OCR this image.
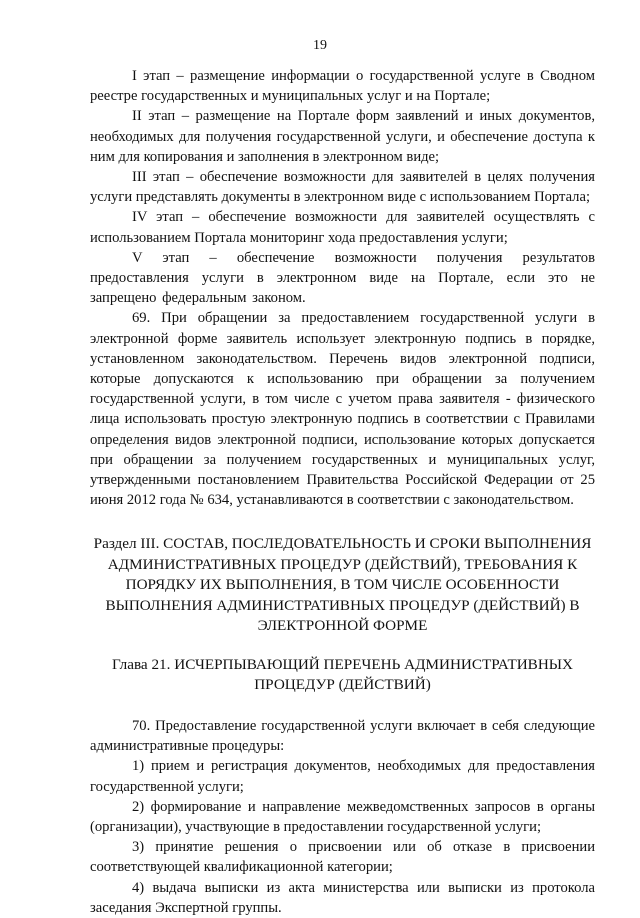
19

I этап – размещение информации о государственной услуге в Сводном реестре государственных и муниципальных услуг и на Портале;

II этап – размещение на Портале форм заявлений и иных документов, необходимых для получения государственной услуги, и обеспечение доступа к ним для копирования и заполнения в электронном виде;

III этап – обеспечение возможности для заявителей в целях получения услуги представлять документы в электронном виде с использованием Портала;

IV этап – обеспечение возможности для заявителей осуществлять с использованием Портала мониторинг хода предоставления услуги;

V этап – обеспечение возможности получения результатов предоставления услуги в электронном виде на Портале, если это не запрещено федеральным законом.

69. При обращении за предоставлением государственной услуги в электронной форме заявитель использует электронную подпись в порядке, установленном законодательством. Перечень видов электронной подписи, которые допускаются к использованию при обращении за получением государственной услуги, в том числе с учетом права заявителя - физического лица использовать простую электронную подпись в соответствии с Правилами определения видов электронной подписи, использование которых допускается при обращении за получением государственных и муниципальных услуг, утвержденными постановлением Правительства Российской Федерации от 25 июня 2012 года № 634, устанавливаются в соответствии с законодательством.

Раздел III. СОСТАВ, ПОСЛЕДОВАТЕЛЬНОСТЬ И СРОКИ ВЫПОЛНЕНИЯ АДМИНИСТРАТИВНЫХ ПРОЦЕДУР (ДЕЙСТВИЙ), ТРЕБОВАНИЯ К ПОРЯДКУ ИХ ВЫПОЛНЕНИЯ, В ТОМ ЧИСЛЕ ОСОБЕННОСТИ ВЫПОЛНЕНИЯ АДМИНИСТРАТИВНЫХ ПРОЦЕДУР (ДЕЙСТВИЙ) В ЭЛЕКТРОННОЙ ФОРМЕ
Глава 21. ИСЧЕРПЫВАЮЩИЙ ПЕРЕЧЕНЬ АДМИНИСТРАТИВНЫХ ПРОЦЕДУР (ДЕЙСТВИЙ)

70. Предоставление государственной услуги включает в себя следующие административные процедуры:

1) прием и регистрация документов, необходимых для предоставления государственной услуги;

2) формирование и направление межведомственных запросов в органы (организации), участвующие в предоставлении государственной услуги;

3) принятие решения о присвоении или об отказе в присвоении соответствующей квалификационной категории;

4) выдача выписки из акта министерства или выписки из протокола заседания Экспертной группы.
